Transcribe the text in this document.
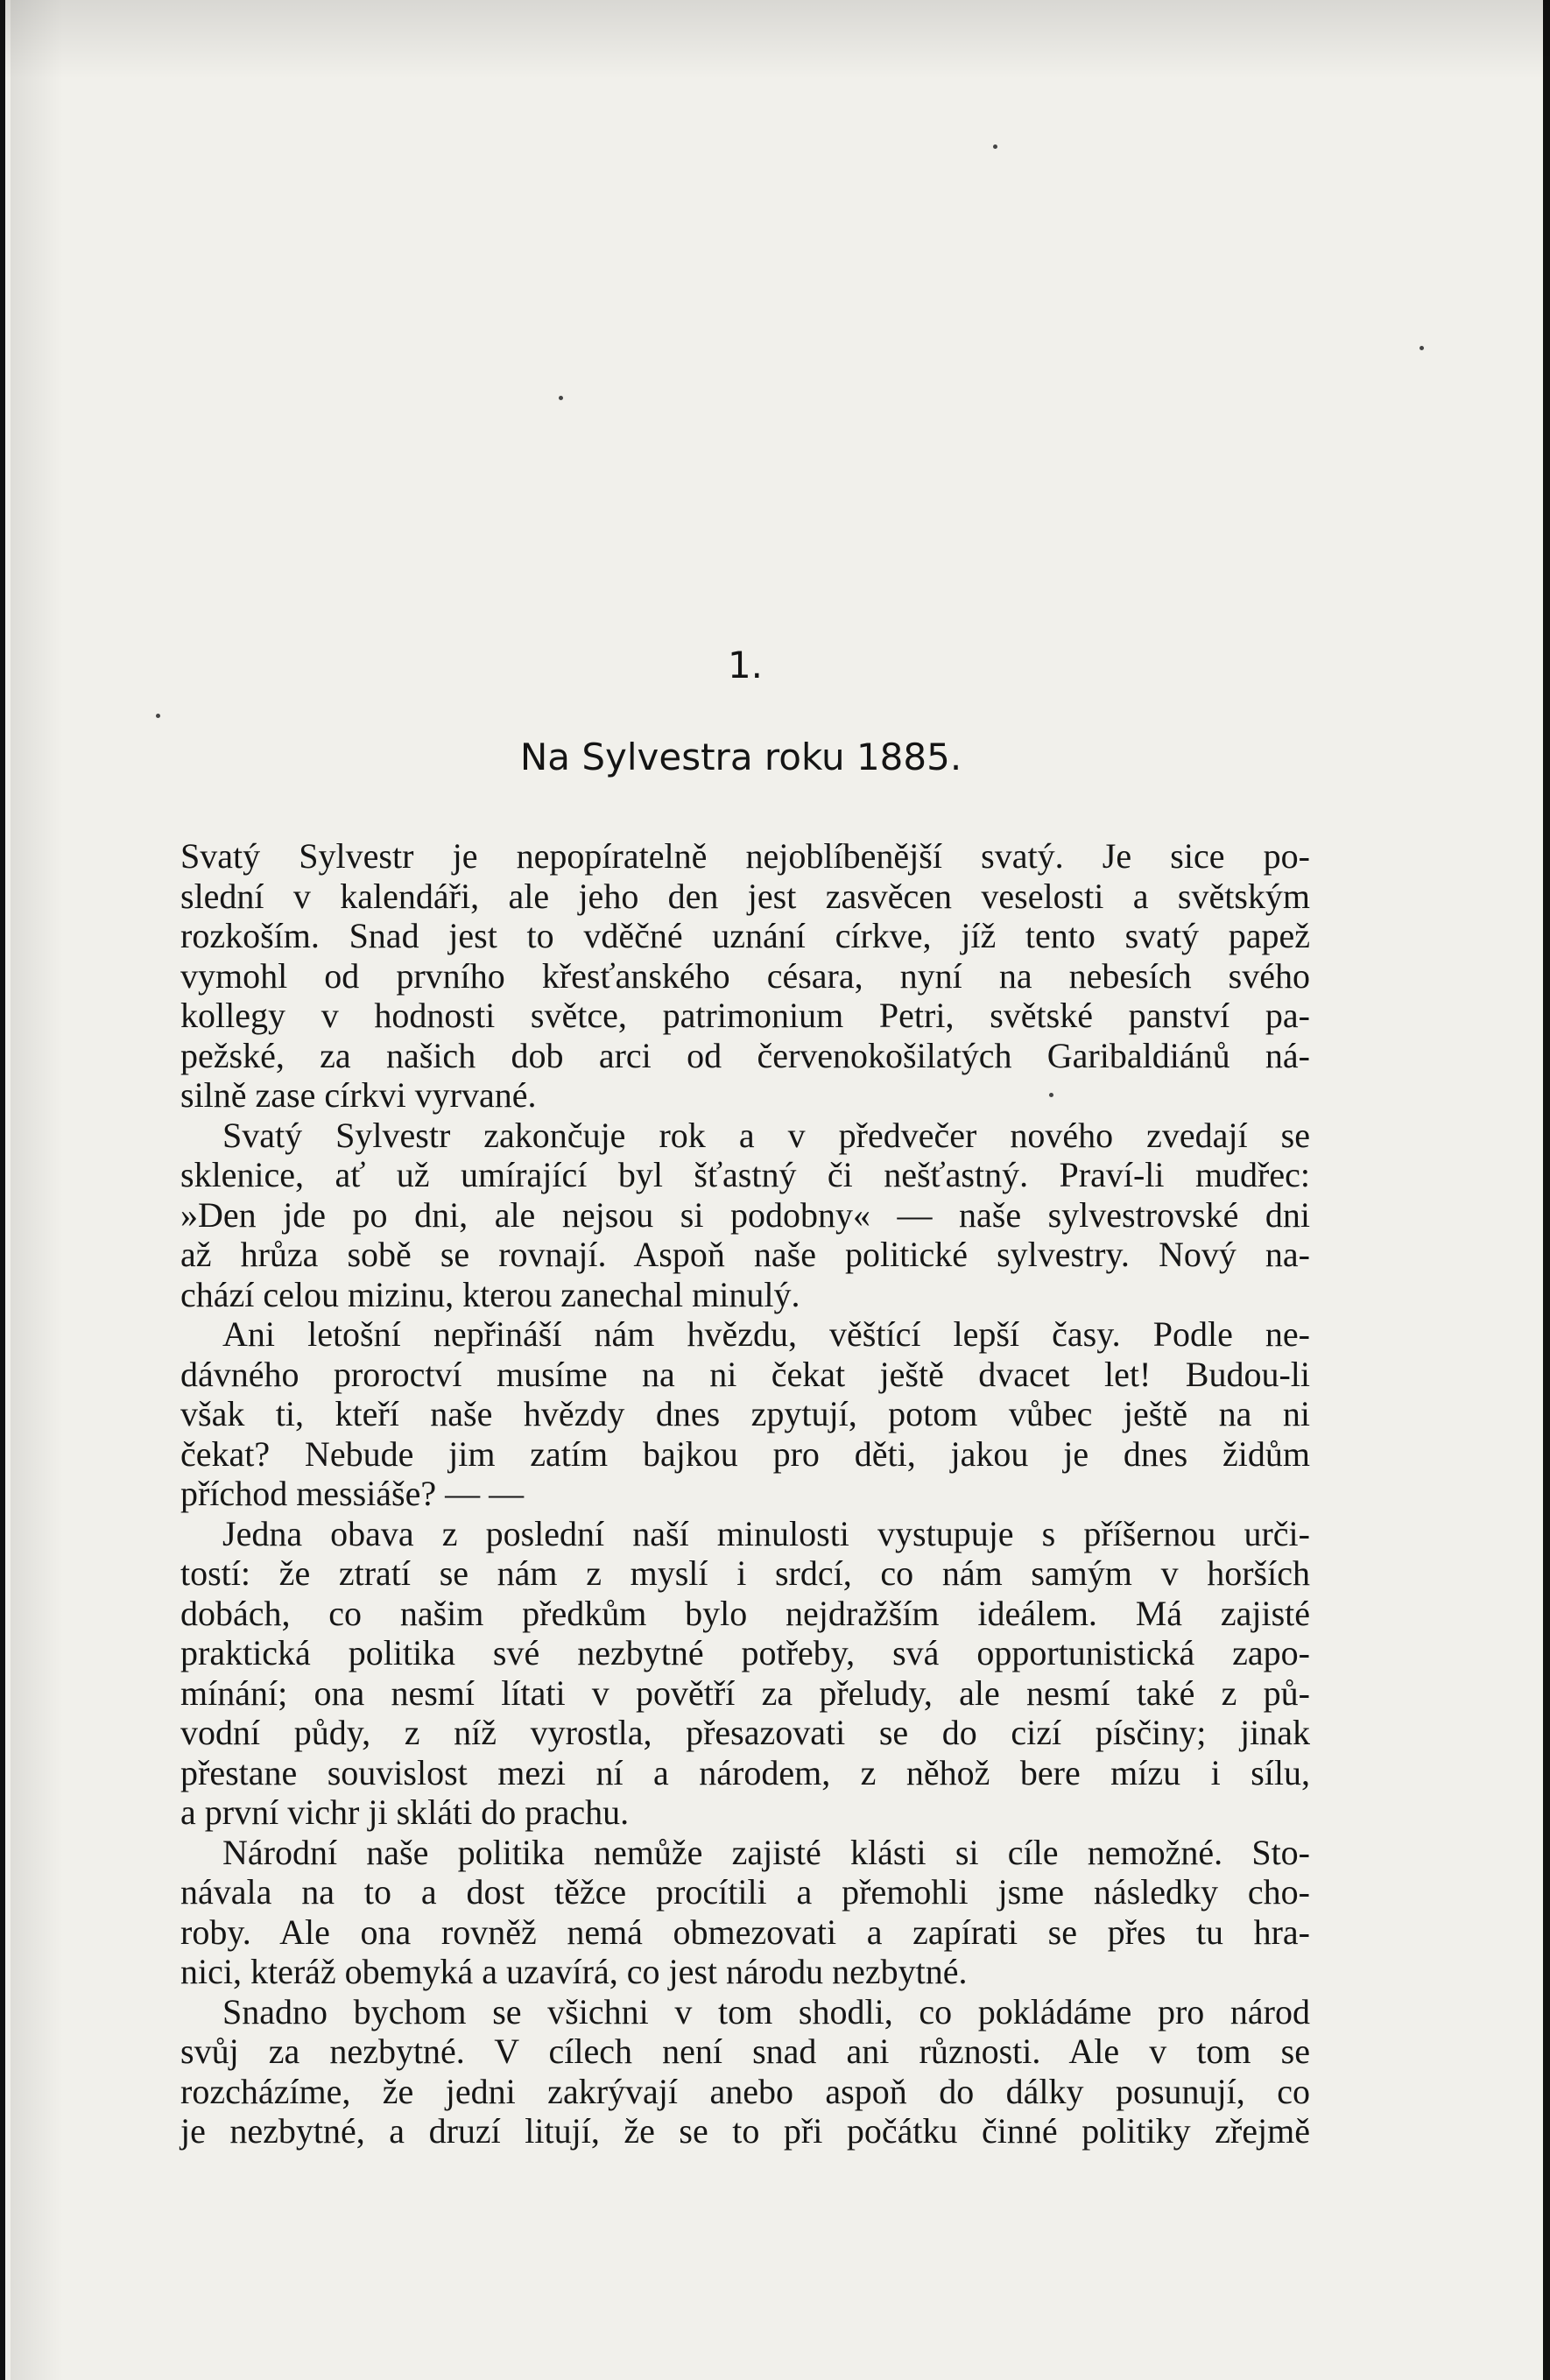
1.
Na Sylvestra roku 1885.
Svatý Sylvestr je nepopíratelně nejoblíbenější svatý. Je sice po-
slední v kalendáři, ale jeho den jest zasvěcen veselosti a světským
rozkoším. Snad jest to vděčné uznání církve, jíž tento svatý papež
vymohl od prvního křesťanského césara, nyní na nebesích svého
kollegy v hodnosti světce, patrimonium Petri, světské panství pa-
pežské, za našich dob arci od červenokošilatých Garibaldiánů ná-
silně zase církvi vyrvané.
Svatý Sylvestr zakončuje rok a v předvečer nového zvedají se
sklenice, ať už umírající byl šťastný či nešťastný. Praví-li mudřec:
»Den jde po dni, ale nejsou si podobny« — naše sylvestrovské dni
až hrůza sobě se rovnají. Aspoň naše politické sylvestry. Nový na-
chází celou mizinu, kterou zanechal minulý.
Ani letošní nepřináší nám hvězdu, věštící lepší časy. Podle ne-
dávného proroctví musíme na ni čekat ještě dvacet let! Budou-li
však ti, kteří naše hvězdy dnes zpytují, potom vůbec ještě na ni
čekat? Nebude jim zatím bajkou pro děti, jakou je dnes židům
příchod messiáše? — —
Jedna obava z poslední naší minulosti vystupuje s příšernou urči-
tostí: že ztratí se nám z myslí i srdcí, co nám samým v horších
dobách, co našim předkům bylo nejdražším ideálem. Má zajisté
praktická politika své nezbytné potřeby, svá opportunistická zapo-
mínání; ona nesmí lítati v povětří za přeludy, ale nesmí také z pů-
vodní půdy, z níž vyrostla, přesazovati se do cizí písčiny; jinak
přestane souvislost mezi ní a národem, z něhož bere mízu i sílu,
a první vichr ji skláti do prachu.
Národní naše politika nemůže zajisté klásti si cíle nemožné. Sto-
návala na to a dost těžce procítili a přemohli jsme následky cho-
roby. Ale ona rovněž nemá obmezovati a zapírati se přes tu hra-
nici, kteráž obemyká a uzavírá, co jest národu nezbytné.
Snadno bychom se všichni v tom shodli, co pokládáme pro národ
svůj za nezbytné. V cílech není snad ani různosti. Ale v tom se
rozcházíme, že jedni zakrývají anebo aspoň do dálky posunují, co
je nezbytné, a druzí litují, že se to při počátku činné politiky zřejmě
